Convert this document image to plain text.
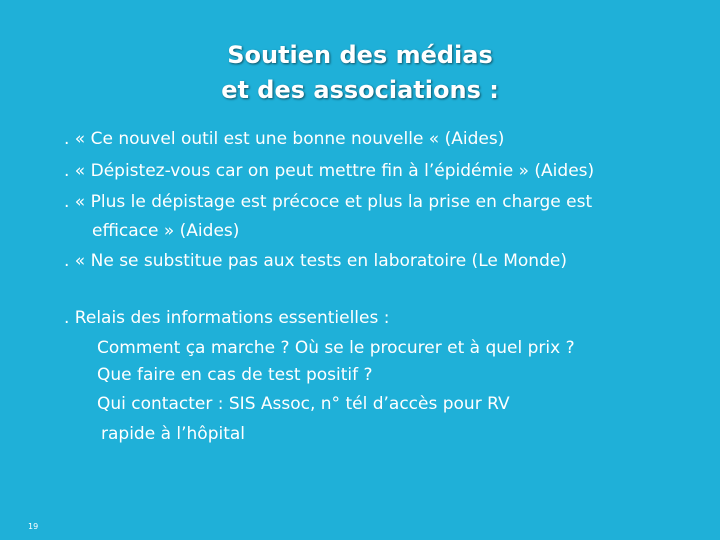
Soutien des médias
et des associations :
. « Ce nouvel outil est une bonne nouvelle « (Aides)
. « Dépistez-vous car on peut mettre fin à l’épidémie » (Aides)
. « Plus le dépistage est précoce et plus la prise en charge est
efficace » (Aides)
. « Ne se substitue pas aux tests en laboratoire (Le Monde)
. Relais des informations essentielles :
Comment ça marche ? Où se le procurer et à quel prix ?
Que faire en cas de test positif ?
Qui contacter : SIS Assoc, n° tél d’accès pour RV
rapide à l’hôpital
19
